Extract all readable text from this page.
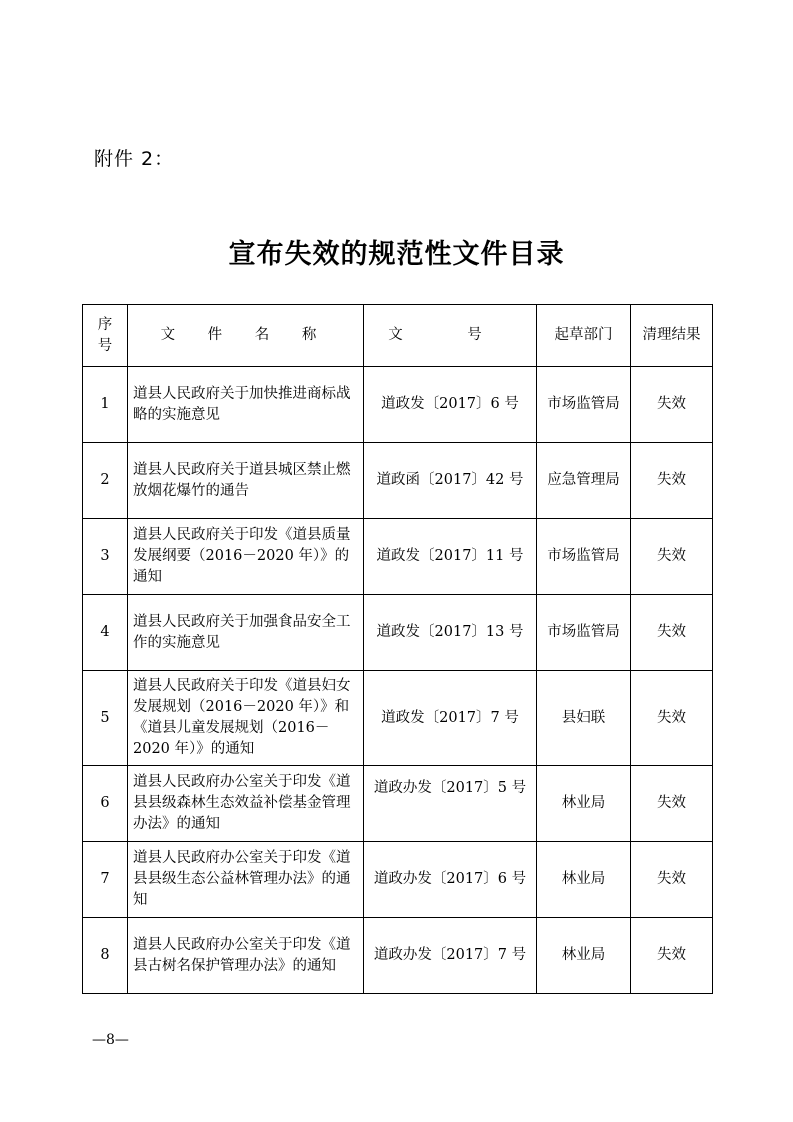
附件 2：
宣布失效的规范性文件目录
序号	文 件 名 称	文 号	起草部门	清理结果
1	道县人民政府关于加快推进商标战略的实施意见	道政发〔2017〕6 号	市场监管局	失效
2	道县人民政府关于道县城区禁止燃放烟花爆竹的通告	道政函〔2017〕42 号	应急管理局	失效
3	道县人民政府关于印发《道县质量发展纲要（2016－2020 年）》的通知	道政发〔2017〕11 号	市场监管局	失效
4	道县人民政府关于加强食品安全工作的实施意见	道政发〔2017〕13 号	市场监管局	失效
5	道县人民政府关于印发《道县妇女发展规划（2016－2020 年）》和《道县儿童发展规划（2016－2020 年）》的通知	道政发〔2017〕7 号	县妇联	失效
6	道县人民政府办公室关于印发《道县县级森林生态效益补偿基金管理办法》的通知	道政办发〔2017〕5 号	林业局	失效
7	道县人民政府办公室关于印发《道县县级生态公益林管理办法》的通知	道政办发〔2017〕6 号	林业局	失效
8	道县人民政府办公室关于印发《道县古树名保护管理办法》的通知	道政办发〔2017〕7 号	林业局	失效
—8—
